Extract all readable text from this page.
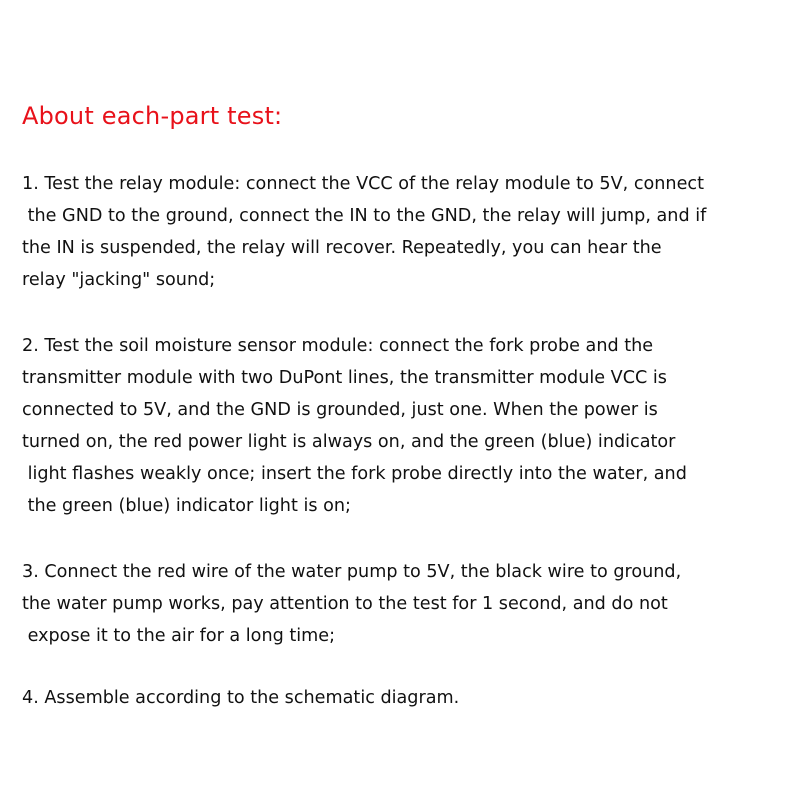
About each-part test:
1. Test the relay module: connect the VCC of the relay module to 5V, connect
the GND to the ground, connect the IN to the GND, the relay will jump, and if
the IN is suspended, the relay will recover. Repeatedly, you can hear the
relay "jacking" sound;
2. Test the soil moisture sensor module: connect the fork probe and the
transmitter module with two DuPont lines, the transmitter module VCC is
connected to 5V, and the GND is grounded, just one. When the power is
turned on, the red power light is always on, and the green (blue) indicator
light flashes weakly once; insert the fork probe directly into the water, and
the green (blue) indicator light is on;
3. Connect the red wire of the water pump to 5V, the black wire to ground,
the water pump works, pay attention to the test for 1 second, and do not
expose it to the air for a long time;
4. Assemble according to the schematic diagram.
